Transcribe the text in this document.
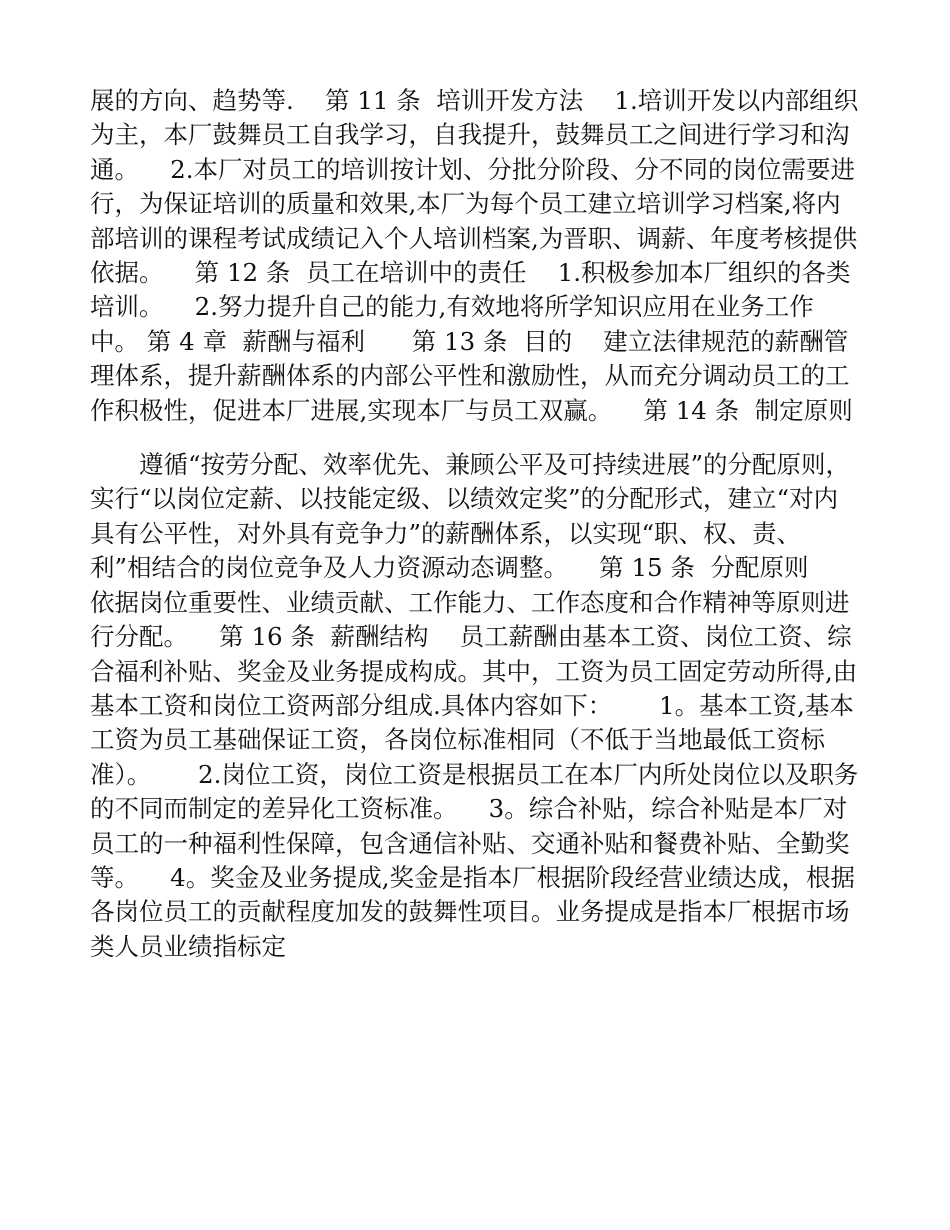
展的方向、趋势等.    第 11 条  培训开发方法    1.培训开发以内部组织为主，本厂鼓舞员工自我学习，自我提升，鼓舞员工之间进行学习和沟通。    2.本厂对员工的培训按计划、分批分阶段、分不同的岗位需要进行，为保证培训的质量和效果,本厂为每个员工建立培训学习档案,将内部培训的课程考试成绩记入个人培训档案,为晋职、调薪、年度考核提供依据。    第 12 条  员工在培训中的责任    1.积极参加本厂组织的各类培训。    2.努力提升自己的能力,有效地将所学知识应用在业务工作中。 第 4 章  薪酬与福利      第 13 条  目的    建立法律规范的薪酬管理体系，提升薪酬体系的内部公平性和激励性，从而充分调动员工的工作积极性，促进本厂进展,实现本厂与员工双赢。    第 14 条  制定原则

遵循“按劳分配、效率优先、兼顾公平及可持续进展”的分配原则，实行“以岗位定薪、以技能定级、以绩效定奖”的分配形式，建立“对内具有公平性，对外具有竞争力”的薪酬体系，以实现“职、权、责、利”相结合的岗位竞争及人力资源动态调整。    第 15 条  分配原则    依据岗位重要性、业绩贡献、工作能力、工作态度和合作精神等原则进行分配。    第 16 条  薪酬结构    员工薪酬由基本工资、岗位工资、综合福利补贴、奖金及业务提成构成。其中，工资为员工固定劳动所得,由基本工资和岗位工资两部分组成.具体内容如下：      1。基本工资,基本工资为员工基础保证工资，各岗位标准相同（不低于当地最低工资标准）。      2.岗位工资，岗位工资是根据员工在本厂内所处岗位以及职务的不同而制定的差异化工资标准。    3。综合补贴，综合补贴是本厂对员工的一种福利性保障，包含通信补贴、交通补贴和餐费补贴、全勤奖等。    4。奖金及业务提成,奖金是指本厂根据阶段经营业绩达成，根据各岗位员工的贡献程度加发的鼓舞性项目。业务提成是指本厂根据市场类人员业绩指标定
